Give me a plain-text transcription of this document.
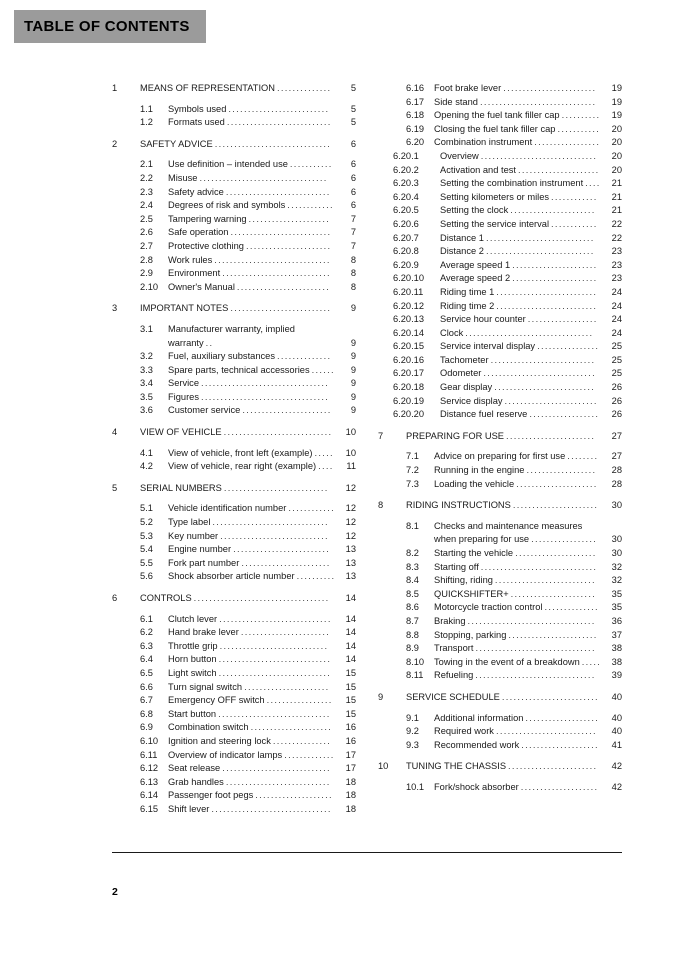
TABLE OF CONTENTS
1	MEANS OF REPRESENTATION ..............	5
1.1	Symbols used ..........................	5
1.2	Formats used ...........................	5
2	SAFETY ADVICE ..............................	6
2.1	Use definition – intended use ...........	6
2.2	Misuse .................................	6
2.3	Safety advice ...........................	6
2.4	Degrees of risk and symbols ............	6
2.5	Tampering warning .....................	7
2.6	Safe operation ..........................	7
2.7	Protective clothing ......................	7
2.8	Work rules ..............................	8
2.9	Environment ............................	8
2.10	Owner's Manual ........................	8
3	IMPORTANT NOTES ..........................	9
3.1	Manufacturer warranty, implied warranty ..	9
3.2	Fuel, auxiliary substances ..............	9
3.3	Spare parts, technical accessories ......	9
3.4	Service .................................	9
3.5	Figures .................................	9
3.6	Customer service .......................	9
4	VIEW OF VEHICLE ............................	10
4.1	View of vehicle, front left (example) .....	10
4.2	View of vehicle, rear right (example) ....	11
5	SERIAL NUMBERS ...........................	12
5.1	Vehicle identification number ............	12
5.2	Type label ..............................	12
5.3	Key number ............................	12
5.4	Engine number .........................	13
5.5	Fork part number .......................	13
5.6	Shock absorber article number ..........	13
6	CONTROLS ...................................	14
6.1	Clutch lever .............................	14
6.2	Hand brake lever .......................	14
6.3	Throttle grip ............................	14
6.4	Horn button .............................	14
6.5	Light switch .............................	15
6.6	Turn signal switch ......................	15
6.7	Emergency OFF switch .................	15
6.8	Start button .............................	15
6.9	Combination switch .....................	16
6.10	Ignition and steering lock ...............	16
6.11	Overview of indicator lamps .............	17
6.12	Seat release ............................	17
6.13	Grab handles ...........................	18
6.14	Passenger foot pegs ....................	18
6.15	Shift lever ...............................	18
6.16	Foot brake lever ........................	19
6.17	Side stand ..............................	19
6.18	Opening the fuel tank filler cap ..........	19
6.19	Closing the fuel tank filler cap ...........	20
6.20	Combination instrument .................	20
6.20.1	Overview ..............................	20
6.20.2	Activation and test .....................	20
6.20.3	Setting the combination instrument ....	21
6.20.4	Setting kilometers or miles ............	21
6.20.5	Setting the clock ......................	21
6.20.6	Setting the service interval ............	22
6.20.7	Distance 1 ............................	22
6.20.8	Distance 2 ............................	23
6.20.9	Average speed 1 ......................	23
6.20.10	Average speed 2 ......................	23
6.20.11	Riding time 1 ..........................	24
6.20.12	Riding time 2 ..........................	24
6.20.13	Service hour counter ..................	24
6.20.14	Clock .................................	24
6.20.15	Service interval display ................	25
6.20.16	Tachometer ...........................	25
6.20.17	Odometer .............................	25
6.20.18	Gear display ..........................	26
6.20.19	Service display ........................	26
6.20.20	Distance fuel reserve ..................	26
7	PREPARING FOR USE .......................	27
7.1	Advice on preparing for first use ........	27
7.2	Running in the engine ..................	28
7.3	Loading the vehicle .....................	28
8	RIDING INSTRUCTIONS ......................	30
8.1	Checks and maintenance measures when preparing for use .................	30
8.2	Starting the vehicle .....................	30
8.3	Starting off ..............................	32
8.4	Shifting, riding ..........................	32
8.5	QUICKSHIFTER+ ......................	35
8.6	Motorcycle traction control ..............	35
8.7	Braking .................................	36
8.8	Stopping, parking .......................	37
8.9	Transport ...............................	38
8.10	Towing in the event of a breakdown .....	38
8.11	Refueling ...............................	39
9	SERVICE SCHEDULE .........................	40
9.1	Additional information ...................	40
9.2	Required work ..........................	40
9.3	Recommended work ....................	41
10	TUNING THE CHASSIS .......................	42
10.1	Fork/shock absorber ....................	42
2
